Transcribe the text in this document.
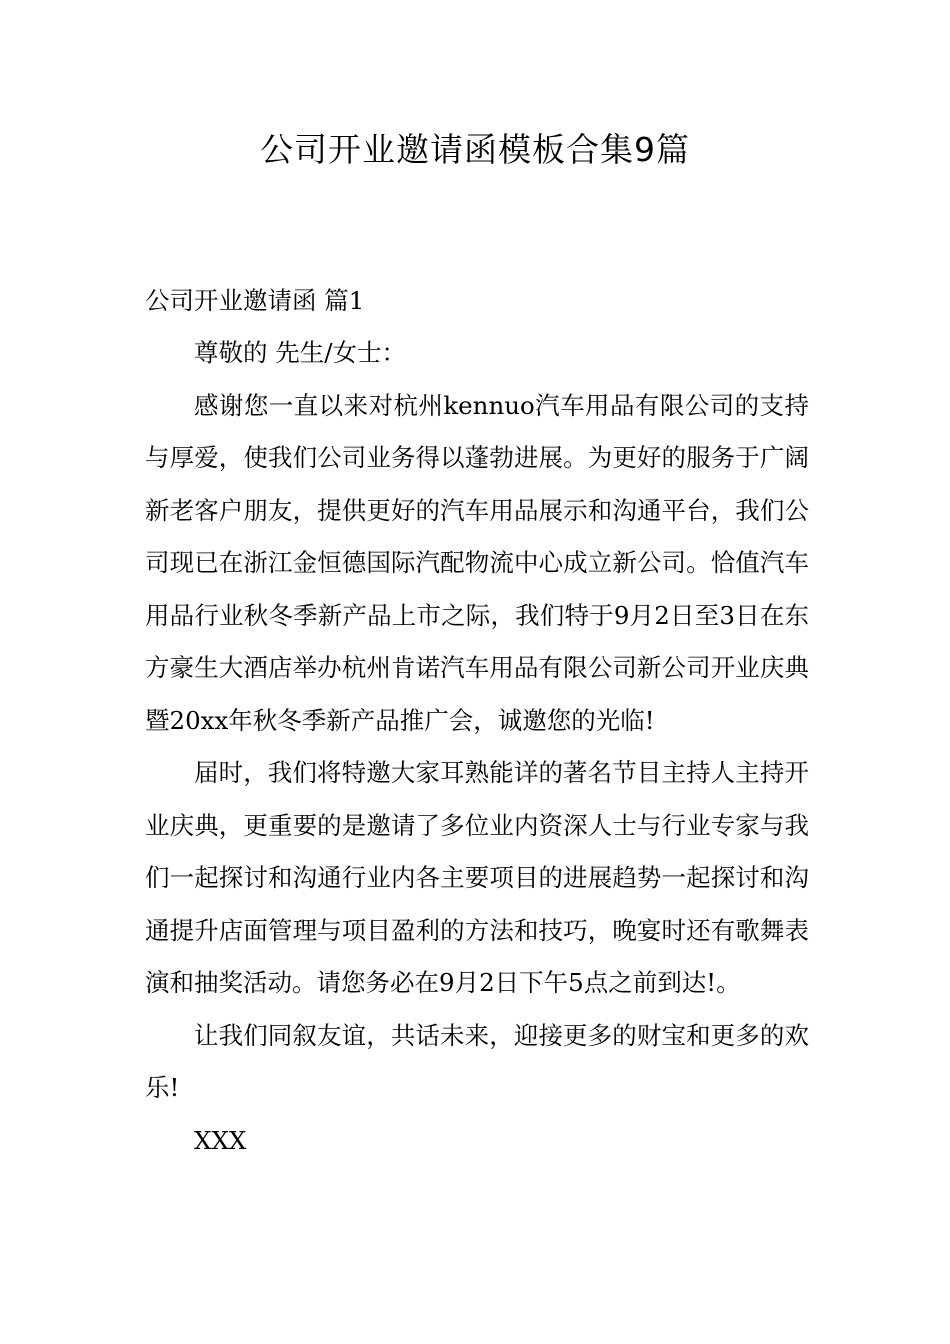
公司开业邀请函模板合集9篇
公司开业邀请函 篇1

尊敬的 先生/女士：

感谢您一直以来对杭州kennuo汽车用品有限公司的支持与厚爱，使我们公司业务得以蓬勃进展。为更好的服务于广阔新老客户朋友，提供更好的汽车用品展示和沟通平台，我们公司现已在浙江金恒德国际汽配物流中心成立新公司。恰值汽车用品行业秋冬季新产品上市之际，我们特于9月2日至3日在东方豪生大酒店举办杭州肯诺汽车用品有限公司新公司开业庆典暨20xx年秋冬季新产品推广会，诚邀您的光临!

届时，我们将特邀大家耳熟能详的著名节目主持人主持开业庆典，更重要的是邀请了多位业内资深人士与行业专家与我们一起探讨和沟通行业内各主要项目的进展趋势一起探讨和沟通提升店面管理与项目盈利的方法和技巧，晚宴时还有歌舞表演和抽奖活动。请您务必在9月2日下午5点之前到达!。

让我们同叙友谊，共话未来，迎接更多的财宝和更多的欢乐!

XXX
